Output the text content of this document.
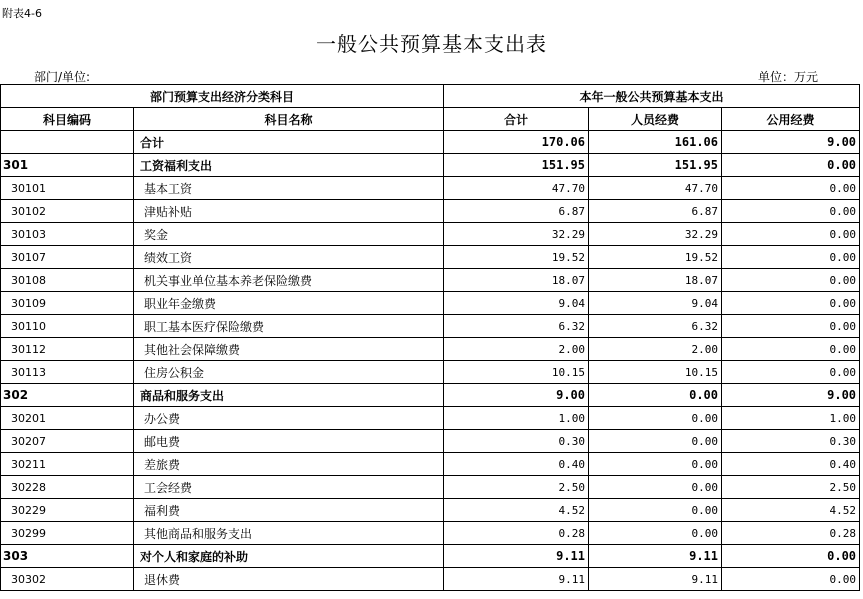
附表4-6
一般公共预算基本支出表
部门/单位:	单位：万元
部门预算支出经济分类科目		本年一般公共预算基本支出		
科目编码	科目名称	合计	人员经费	公用经费
	合计	170.06	161.06	9.00
301	工资福利支出	151.95	151.95	0.00
30101	基本工资	47.70	47.70	0.00
30102	津贴补贴	6.87	6.87	0.00
30103	奖金	32.29	32.29	0.00
30107	绩效工资	19.52	19.52	0.00
30108	机关事业单位基本养老保险缴费	18.07	18.07	0.00
30109	职业年金缴费	9.04	9.04	0.00
30110	职工基本医疗保险缴费	6.32	6.32	0.00
30112	其他社会保障缴费	2.00	2.00	0.00
30113	住房公积金	10.15	10.15	0.00
302	商品和服务支出	9.00	0.00	9.00
30201	办公费	1.00	0.00	1.00
30207	邮电费	0.30	0.00	0.30
30211	差旅费	0.40	0.00	0.40
30228	工会经费	2.50	0.00	2.50
30229	福利费	4.52	0.00	4.52
30299	其他商品和服务支出	0.28	0.00	0.28
303	对个人和家庭的补助	9.11	9.11	0.00
30302	退休费	9.11	9.11	0.00
